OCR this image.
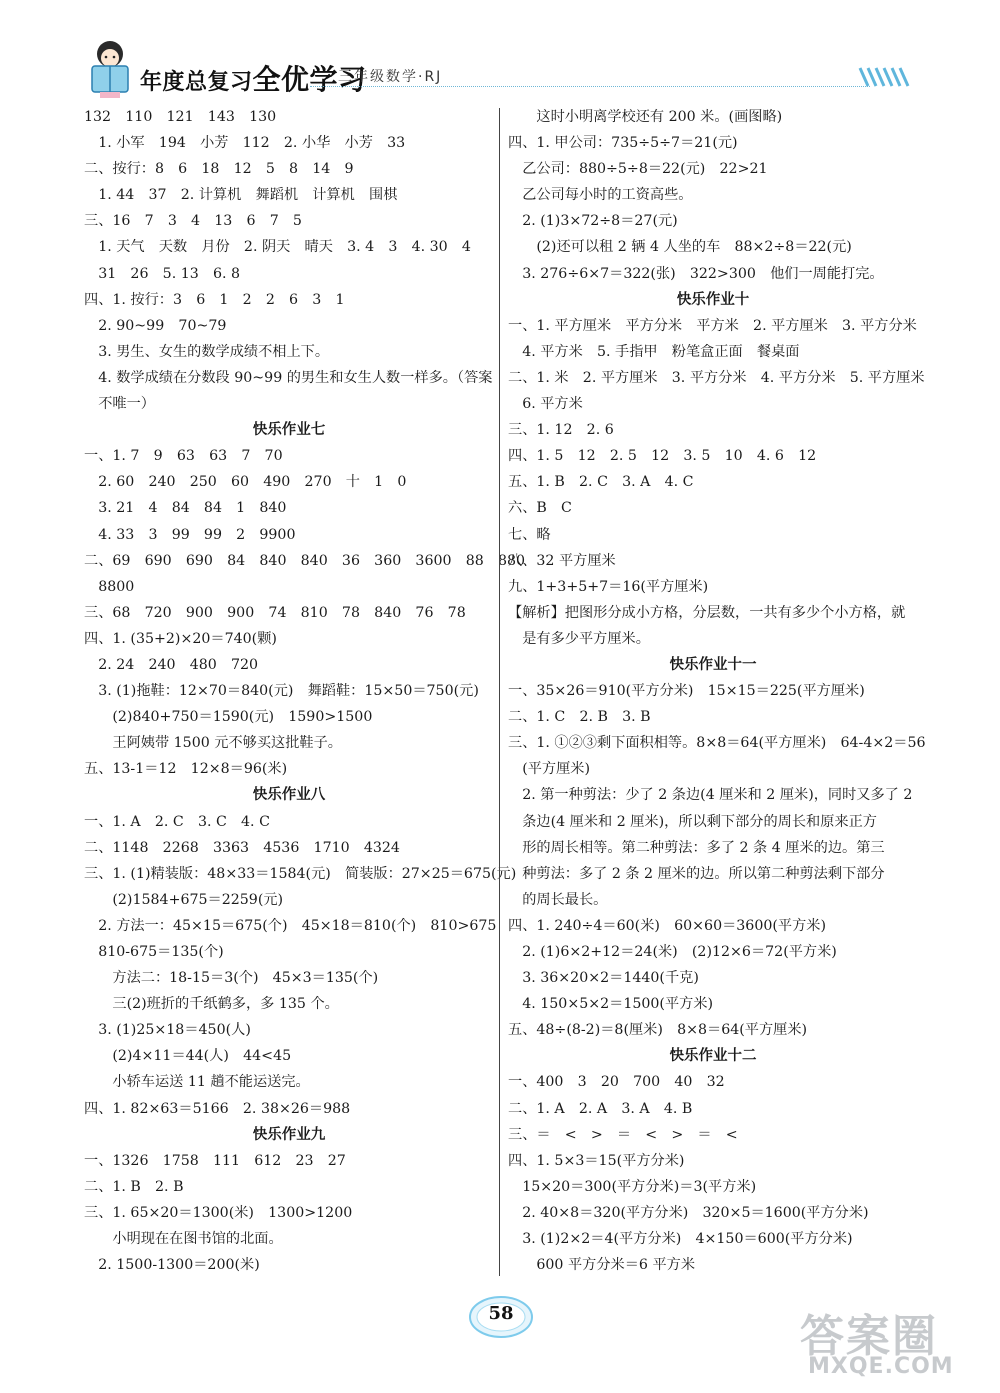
年度总复习全优学习
三年级数学·RJ
132　110　121　143　130
　1. 小军　194　小芳　112　2. 小华　小芳　33
二、按行：8　6　18　12　5　8　14　9
　1. 44　37　2. 计算机　舞蹈机　计算机　围棋
三、16　7　3　4　13　6　7　5
　1. 天气　天数　月份　2. 阴天　晴天　3. 4　3　4. 30　4
　31　26　5. 13　6. 8
四、1. 按行：3　6　1　2　2　6　3　1
　2. 90~99　70~79
　3. 男生、女生的数学成绩不相上下。
　4. 数学成绩在分数段 90~99 的男生和女生人数一样多。（答案
　不唯一）
快乐作业七
一、1. 7　9　63　63　7　70
　2. 60　240　250　60　490　270　十　1　0
　3. 21　4　84　84　1　840
　4. 33　3　99　99　2　9900
二、69　690　690　84　840　840　36　360　3600　88　880
　8800
三、68　720　900　900　74　810　78　840　76　78
四、1. (35+2)×20＝740(颗)
　2. 24　240　480　720
　3. (1)拖鞋：12×70＝840(元)　舞蹈鞋：15×50＝750(元)
　　(2)840+750＝1590(元)　1590>1500
　　王阿姨带 1500 元不够买这批鞋子。
五、13-1＝12　12×8＝96(米)
快乐作业八
一、1. A　2. C　3. C　4. C
二、1148　2268　3363　4536　1710　4324
三、1. (1)精装版：48×33＝1584(元)　简装版：27×25＝675(元)
　　(2)1584+675＝2259(元)
　2. 方法一：45×15＝675(个)　45×18＝810(个)　810>675
　810-675＝135(个)
　　方法二：18-15＝3(个)　45×3＝135(个)
　　三(2)班折的千纸鹤多，多 135 个。
　3. (1)25×18＝450(人)
　　(2)4×11＝44(人)　44<45
　　小轿车运送 11 趟不能运送完。
四、1. 82×63＝5166　2. 38×26＝988
快乐作业九
一、1326　1758　111　612　23　27
二、1. B　2. B
三、1. 65×20＝1300(米)　1300>1200
　　小明现在在图书馆的北面。
　2. 1500-1300＝200(米)
　　这时小明离学校还有 200 米。(画图略)
四、1. 甲公司：735÷5÷7＝21(元)
　乙公司：880÷5÷8＝22(元)　22>21
　乙公司每小时的工资高些。
　2. (1)3×72÷8＝27(元)
　　(2)还可以租 2 辆 4 人坐的车　88×2÷8＝22(元)
　3. 276÷6×7＝322(张)　322>300　他们一周能打完。
快乐作业十
一、1. 平方厘米　平方分米　平方米　2. 平方厘米　3. 平方分米
　4. 平方米　5. 手指甲　粉笔盒正面　餐桌面
二、1. 米　2. 平方厘米　3. 平方分米　4. 平方分米　5. 平方厘米
　6. 平方米
三、1. 12　2. 6
四、1. 5　12　2. 5　12　3. 5　10　4. 6　12
五、1. B　2. C　3. A　4. C
六、B　C
七、略
八、32 平方厘米
九、1+3+5+7＝16(平方厘米)
【解析】把图形分成小方格，分层数，一共有多少个小方格，就
　是有多少平方厘米。
快乐作业十一
一、35×26＝910(平方分米)　15×15＝225(平方厘米)
二、1. C　2. B　3. B
三、1. ①②③剩下面积相等。8×8＝64(平方厘米)　64-4×2＝56
　(平方厘米)
　2. 第一种剪法：少了 2 条边(4 厘米和 2 厘米)，同时又多了 2
　条边(4 厘米和 2 厘米)，所以剩下部分的周长和原来正方
　形的周长相等。第二种剪法：多了 2 条 4 厘米的边。第三
　种剪法：多了 2 条 2 厘米的边。所以第二种剪法剩下部分
　的周长最长。
四、1. 240÷4＝60(米)　60×60＝3600(平方米)
　2. (1)6×2+12＝24(米)　(2)12×6＝72(平方米)
　3. 36×20×2＝1440(千克)
　4. 150×5×2＝1500(平方米)
五、48÷(8-2)＝8(厘米)　8×8＝64(平方厘米)
快乐作业十二
一、400　3　20　700　40　32
二、1. A　2. A　3. A　4. B
三、＝　<　>　＝　<　>　＝　<
四、1. 5×3＝15(平方分米)
　15×20＝300(平方分米)＝3(平方米)
　2. 40×8＝320(平方分米)　320×5＝1600(平方分米)
　3. (1)2×2＝4(平方分米)　4×150＝600(平方分米)
　　600 平方分米＝6 平方米
58	答案圈
MXQE.COM
